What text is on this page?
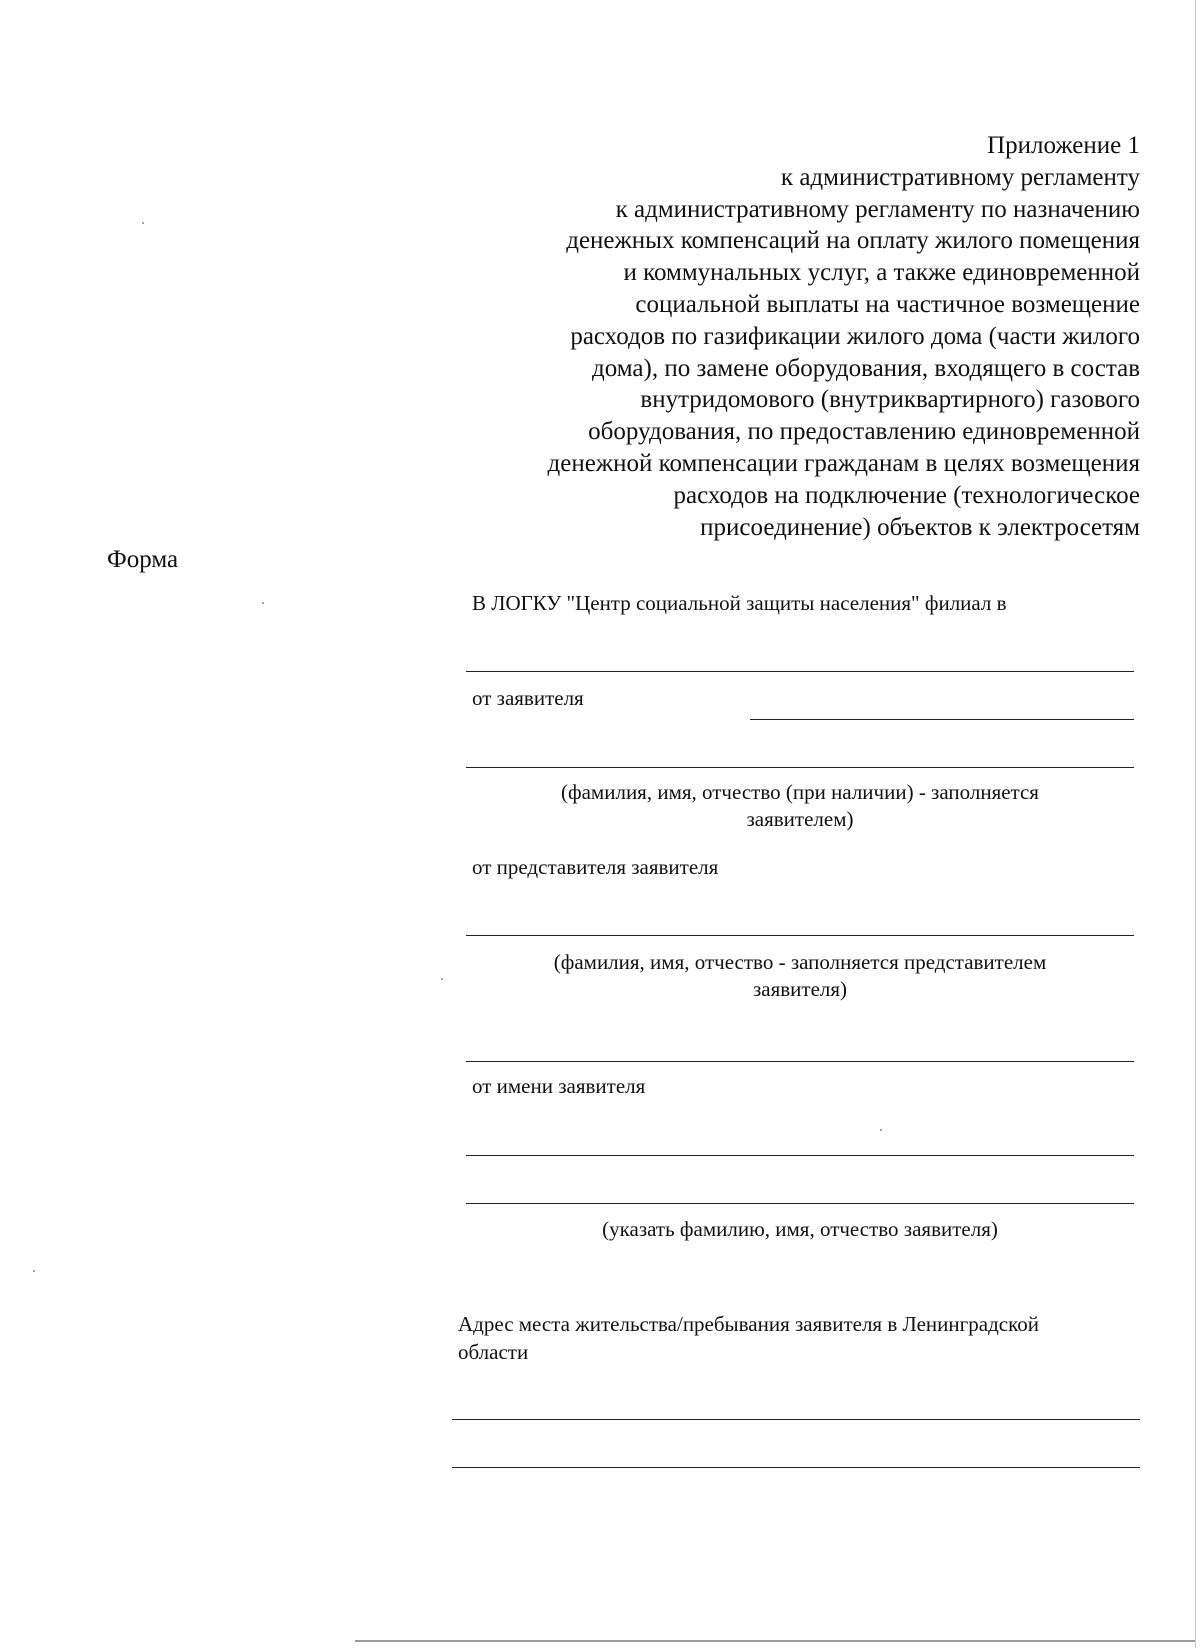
Приложение 1
к административному регламенту
к административному регламенту по назначению
денежных компенсаций на оплату жилого помещения
и коммунальных услуг, а также единовременной
социальной выплаты на частичное возмещение
расходов по газификации жилого дома (части жилого
дома), по замене оборудования, входящего в состав
внутридомового (внутриквартирного) газового
оборудования, по предоставлению единовременной
денежной компенсации гражданам в целях возмещения
расходов на подключение (технологическое
присоединение) объектов к электросетям
Форма
В ЛОГКУ "Центр социальной защиты населения" филиал в
от заявителя
(фамилия, имя, отчество (при наличии) - заполняется
заявителем)
от представителя заявителя
(фамилия, имя, отчество - заполняется представителем
заявителя)
от имени заявителя
(указать фамилию, имя, отчество заявителя)
Адрес места жительства/пребывания заявителя в Ленинградской
области
